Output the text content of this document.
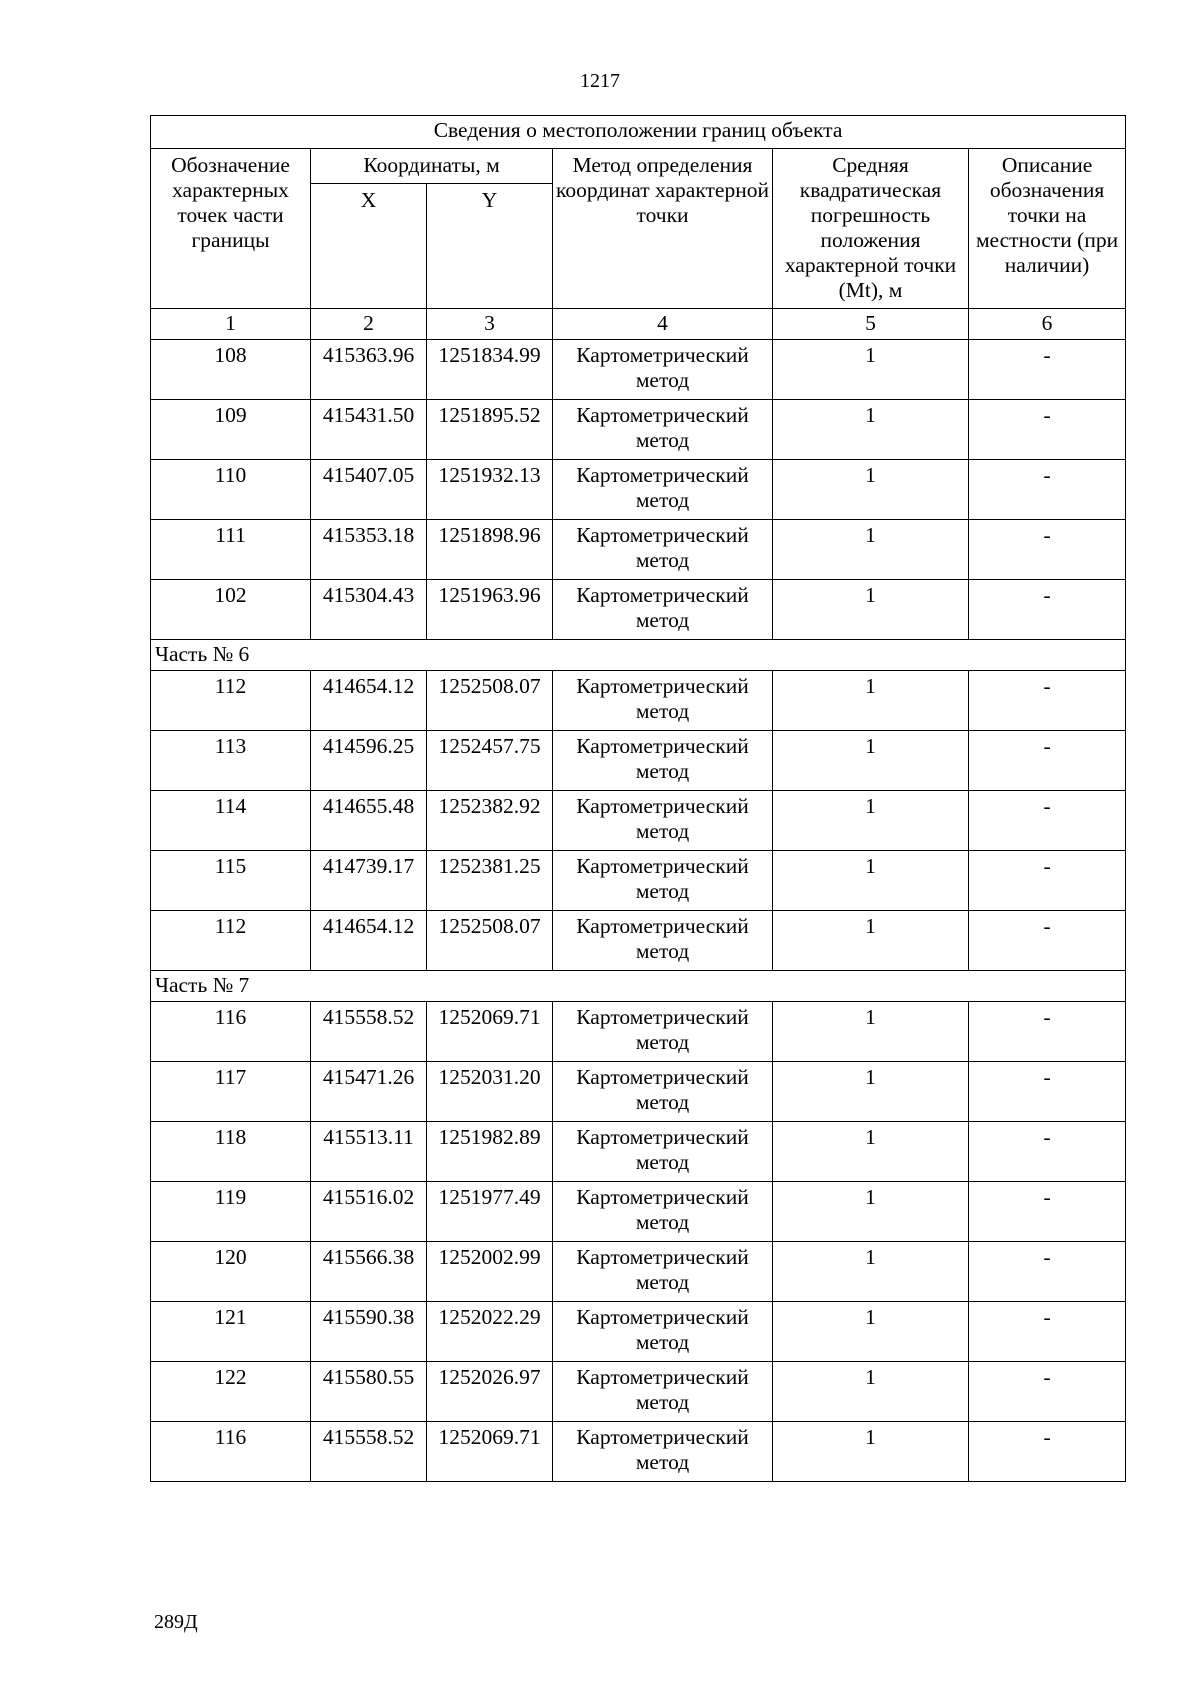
1217
Сведения о местоположении границ объекта					
Обозначение характерных точек части границы	Координаты, м		Метод определения координат характерной точки	Средняя квадратическая погрешность положения характерной точки (Mt), м	Описание обозначения точки на местности (при наличии)
	X	Y			
1	2	3	4	5	6
108	415363.96	1251834.99	Картометрический метод	1	-
109	415431.50	1251895.52	Картометрический метод	1	-
110	415407.05	1251932.13	Картометрический метод	1	-
111	415353.18	1251898.96	Картометрический метод	1	-
102	415304.43	1251963.96	Картометрический метод	1	-
Часть № 6					
112	414654.12	1252508.07	Картометрический метод	1	-
113	414596.25	1252457.75	Картометрический метод	1	-
114	414655.48	1252382.92	Картометрический метод	1	-
115	414739.17	1252381.25	Картометрический метод	1	-
112	414654.12	1252508.07	Картометрический метод	1	-
Часть № 7					
116	415558.52	1252069.71	Картометрический метод	1	-
117	415471.26	1252031.20	Картометрический метод	1	-
118	415513.11	1251982.89	Картометрический метод	1	-
119	415516.02	1251977.49	Картометрический метод	1	-
120	415566.38	1252002.99	Картометрический метод	1	-
121	415590.38	1252022.29	Картометрический метод	1	-
122	415580.55	1252026.97	Картометрический метод	1	-
116	415558.52	1252069.71	Картометрический метод	1	-
289Д
